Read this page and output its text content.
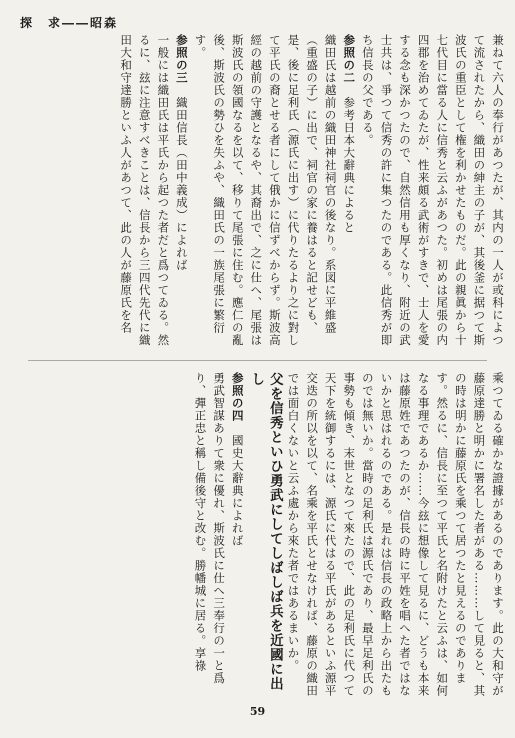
探　求――昭森

兼ねて六人の奉行があつたが、其内の一人が或科によつて流されたから、織田の紳主の子が、其後釜に据つて斯波氏の重臣として権を利かせたものだ。此の親眞から十七代目に當る人に信秀と云ふがあつた。初めは尾張の内四郡を治めてゐたが、性来頗る武術がすきで、士人を愛する念も深かつたので、自然信用も厚くなり、附近の武士共は、爭つて信秀の許に集つたのである。此信秀が即ち信長の父である。

参照の二　参考日本大辭典によると

織田氏は越前の織田神社祠官の後なり。系図に平維盛（重盛の子）に出で、祠官の家に養はると記せども、是、後に足利氏（源氏に出す）に代りたるより之に對して平氏の裔とせる者にして俄かに信ずべからず。斯波高經の越前の守護となるや、其裔出で、之に仕へ、尾張は斯波氏の領國なるを以て、移りて尾張に住む。應仁の亂後、斯波氏の勢ひを失ふや、織田氏の一族尾張に繁衍す。

参照の三　織田信長（田中義成）によれば

一般には織田氏は平氏から起つた者だと爲つてゐる。然るに、玆に注意すべきことは、信長から三四代先代に織田大和守達勝といふ人があつて、此の人が藤原氏を名

乘つてゐる確かな證據があるのであります。此の大和守が藤原達勝と明かに署名した者がある………して見ると、其の時は明かに藤原氏を乘つて居つたと見えるのであります。然るに、信長に至つて平氏と名附けたと云ふは、如何なる事理であるか……今玆に想像して見るに、どうも本来は藤原姓であつたのが、信長の時に平姓を唱へた者ではないかと思はれるのである。是れは信長の政略上から出たものでは無いか。當時の足利氏は源氏であり、最早足利氏の事勢も傾き、末世となつて來たので、此の足利氏に代つて天下を統御するには、源氏に代はる平氏があるといふ源平交迭の所以を以て、名乘を平氏とせなければ、藤原の織田では面白くないと云ふ處から來た者ではあるまいか。

父を信秀といひ勇武にしてしばしば兵を近國に出し

参照の四　國史大辭典によれば

勇武智謀ありて衆に優れ、斯波氏に仕へ三奉行の一と爲り、彈正忠と稱し備後守と改む。勝幡城に居る。享祿

59
